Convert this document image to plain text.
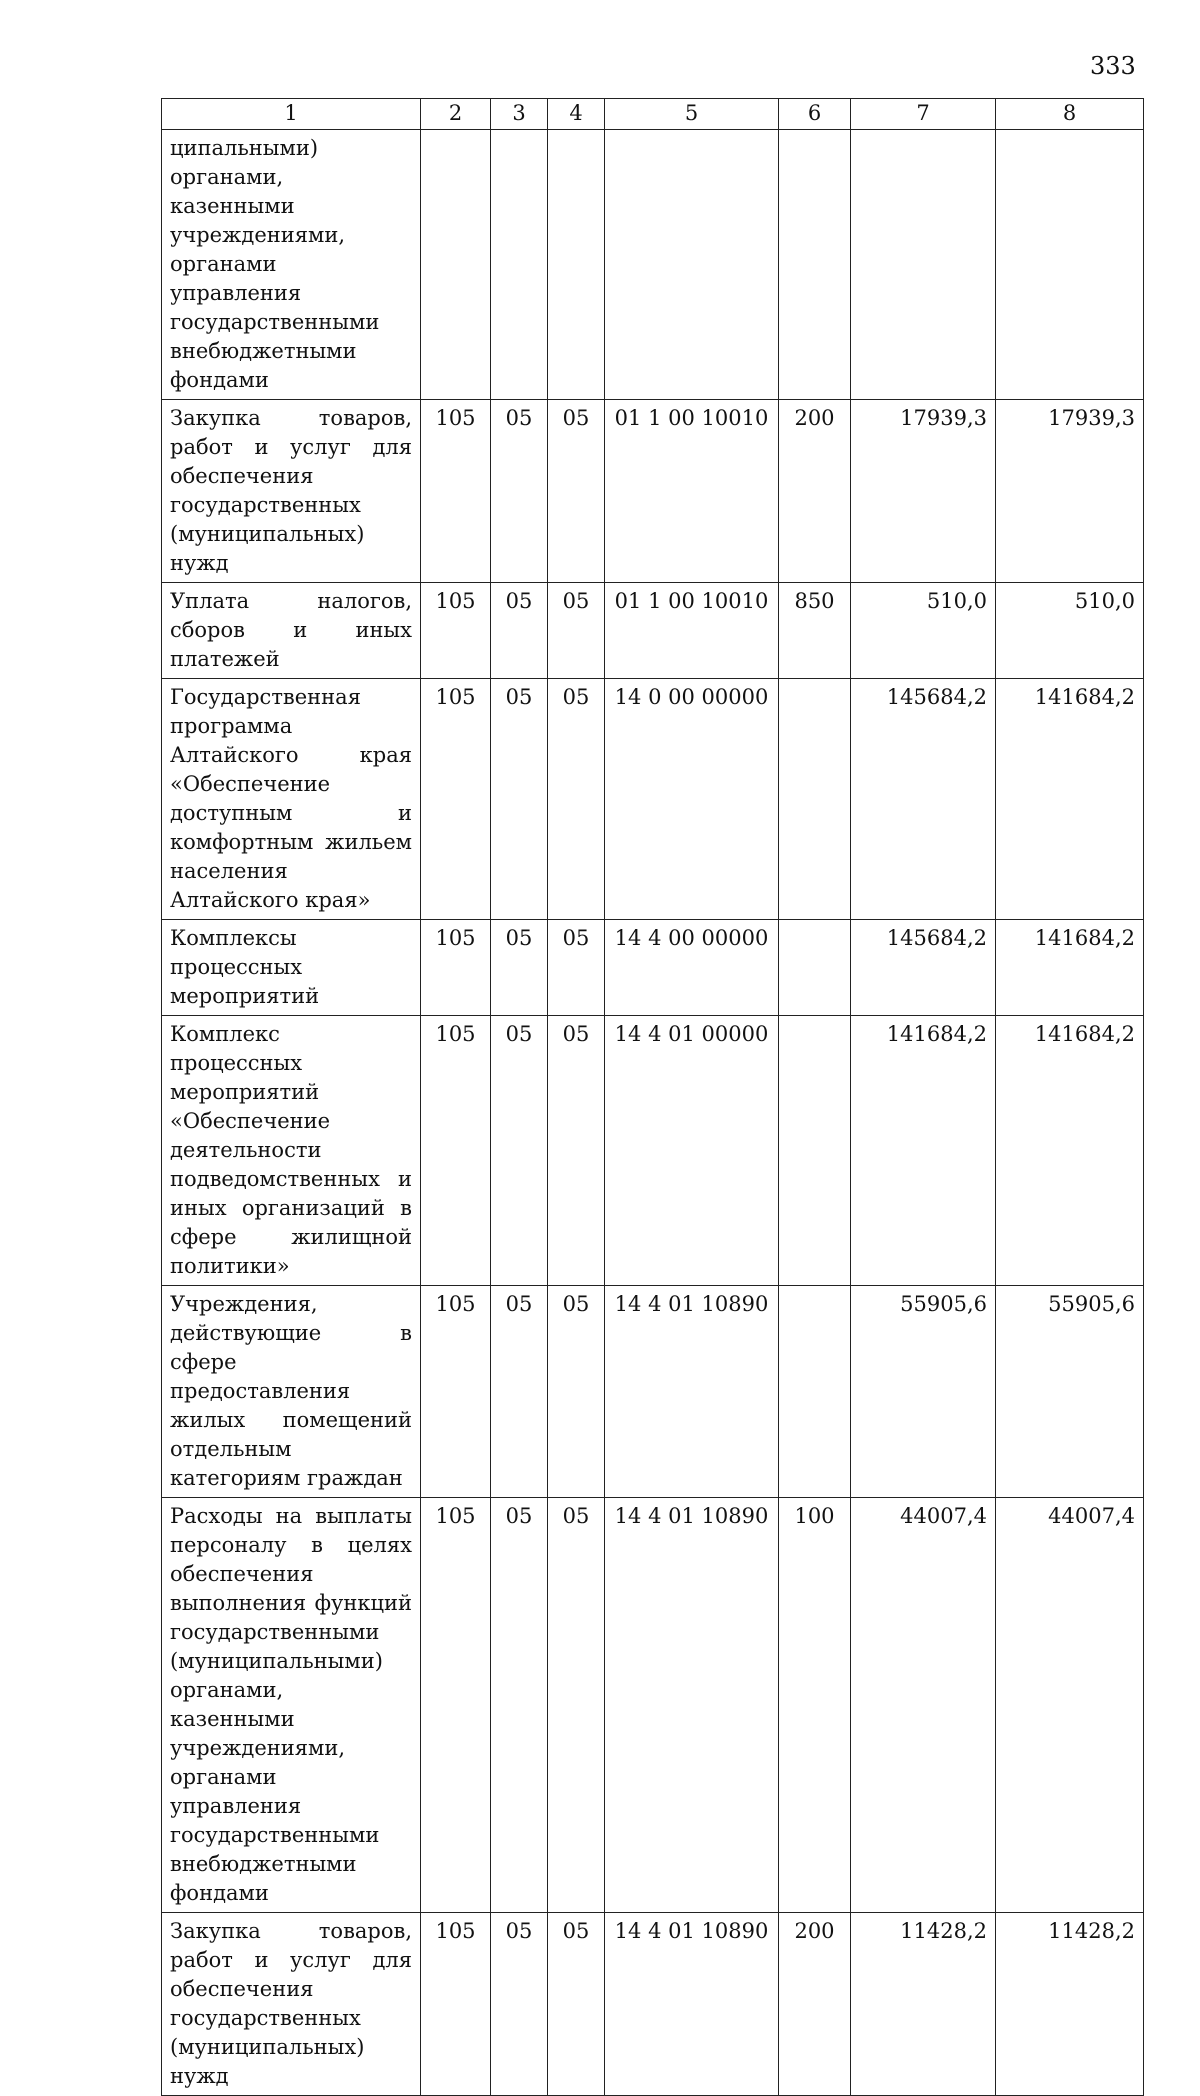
333
1	2	3	4	5	6	7	8
ципальными) органами, казенными учреждениями, органами управления государственными внебюджетными фондами							
Закупка товаров, работ и услуг для обеспечения государственных (муниципальных) нужд	105	05	05	01 1 00 10010	200	17939,3	17939,3
Уплата налогов, сборов и иных платежей	105	05	05	01 1 00 10010	850	510,0	510,0
Государственная программа Алтайского края «Обеспечение доступным и комфортным жильем населения Алтайского края»	105	05	05	14 0 00 00000		145684,2	141684,2
Комплексы процессных мероприятий	105	05	05	14 4 00 00000		145684,2	141684,2
Комплекс процессных мероприятий «Обеспечение деятельности подведомственных и иных организаций в сфере жилищной политики»	105	05	05	14 4 01 00000		141684,2	141684,2
Учреждения, действующие в сфере предоставления жилых помещений отдельным категориям граждан	105	05	05	14 4 01 10890		55905,6	55905,6
Расходы на выплаты персоналу в целях обеспечения выполнения функций государственными (муниципальными) органами, казенными учреждениями, органами управления государственными внебюджетными фондами	105	05	05	14 4 01 10890	100	44007,4	44007,4
Закупка товаров, работ и услуг для обеспечения государственных (муниципальных) нужд	105	05	05	14 4 01 10890	200	11428,2	11428,2
